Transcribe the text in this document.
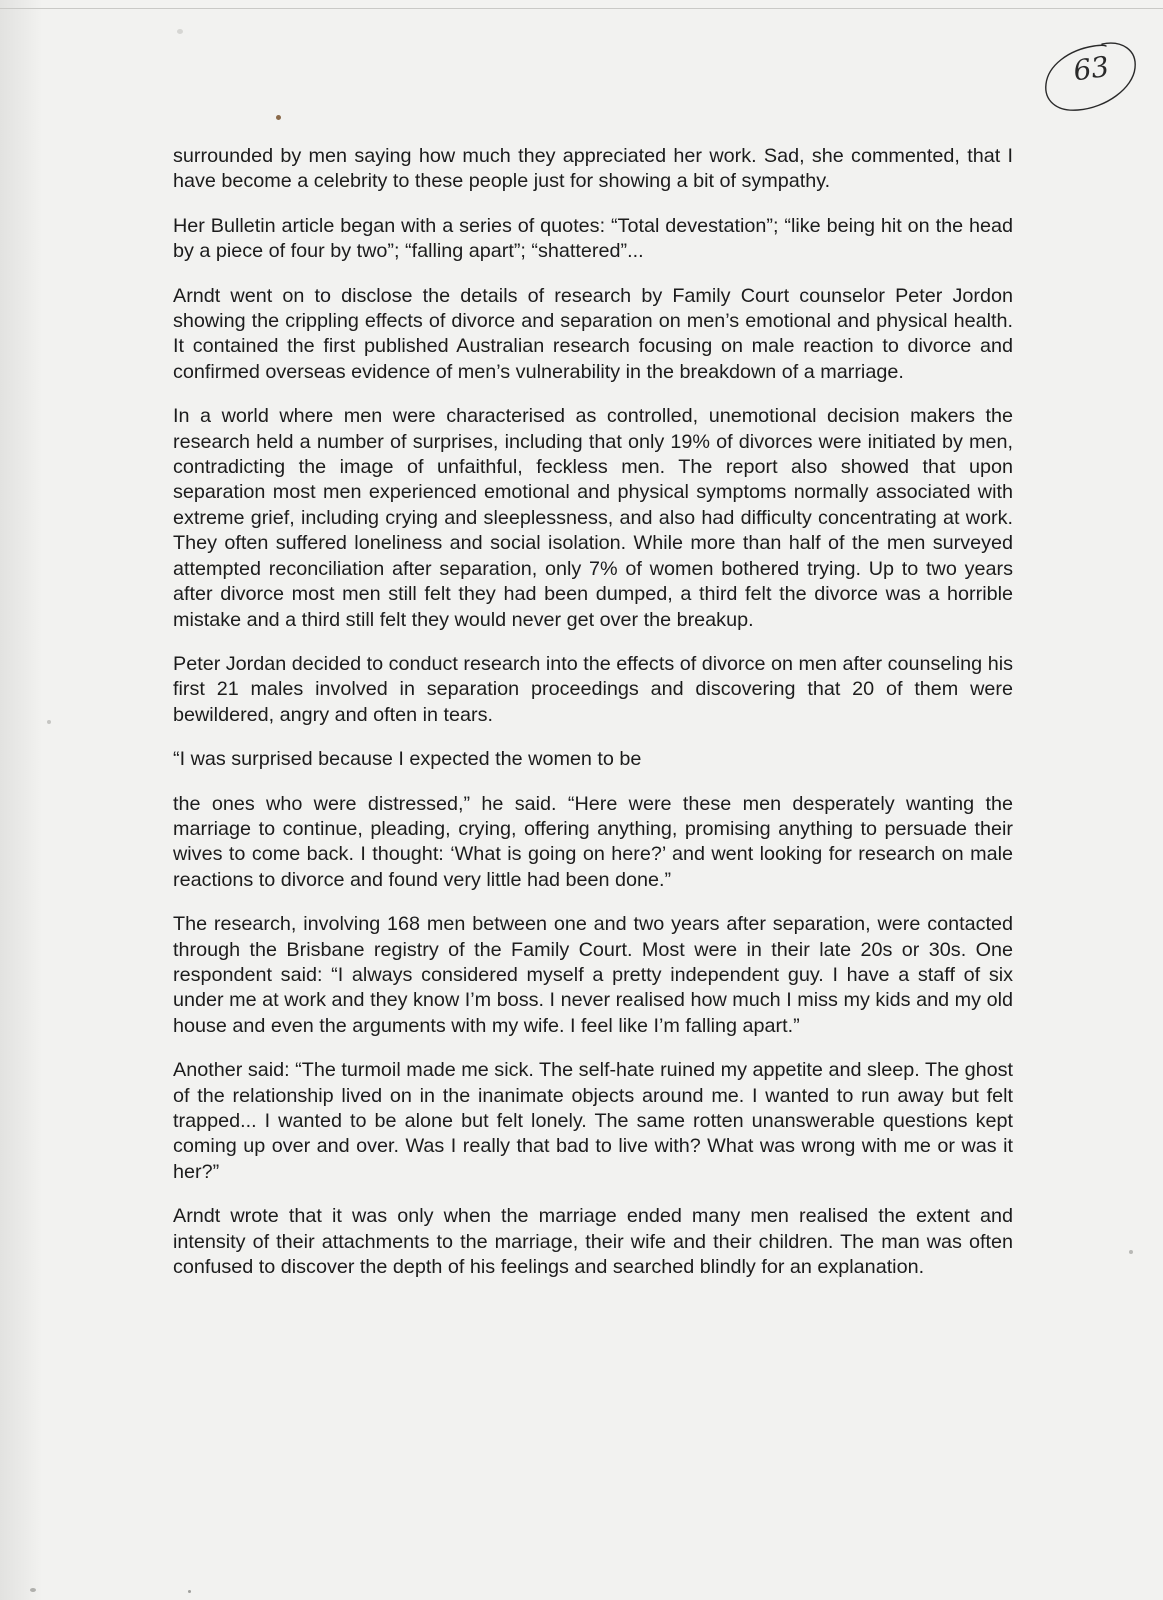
63

surrounded by men saying how much they appreciated her work. Sad, she commented, that I have become a celebrity to these people just for showing a bit of sympathy.

Her Bulletin article began with a series of quotes: “Total devestation”; “like being hit on the head by a piece of four by two”; “falling apart”; “shattered”...

Arndt went on to disclose the details of research by Family Court counselor Peter Jordon showing the crippling effects of divorce and separation on men’s emotional and physical health. It contained the first published Australian research focusing on male reaction to divorce and confirmed overseas evidence of men’s vulnerability in the breakdown of a marriage.

In a world where men were characterised as controlled, unemotional decision makers the research held a number of surprises, including that only 19% of divorces were initiated by men, contradicting the image of unfaithful, feckless men. The report also showed that upon separation most men experienced emotional and physical symptoms normally associated with extreme grief, including crying and sleeplessness, and also had difficulty concentrating at work. They often suffered loneliness and social isolation. While more than half of the men surveyed attempted reconciliation after separation, only 7% of women bothered trying. Up to two years after divorce most men still felt they had been dumped, a third felt the divorce was a horrible mistake and a third still felt they would never get over the breakup.

Peter Jordan decided to conduct research into the effects of divorce on men after counseling his first 21 males involved in separation proceedings and discovering that 20 of them were bewildered, angry and often in tears.

“I was surprised because I expected the women to be

the ones who were distressed,” he said. “Here were these men desperately wanting the marriage to continue, pleading, crying, offering anything, promising anything to persuade their wives to come back. I thought: ‘What is going on here?’ and went looking for research on male reactions to divorce and found very little had been done.”

The research, involving 168 men between one and two years after separation, were contacted through the Brisbane registry of the Family Court. Most were in their late 20s or 30s. One respondent said: “I always considered myself a pretty independent guy. I have a staff of six under me at work and they know I’m boss. I never realised how much I miss my kids and my old house and even the arguments with my wife. I feel like I’m falling apart.”

Another said: “The turmoil made me sick. The self-hate ruined my appetite and sleep. The ghost of the relationship lived on in the inanimate objects around me. I wanted to run away but felt trapped... I wanted to be alone but felt lonely. The same rotten unanswerable questions kept coming up over and over. Was I really that bad to live with? What was wrong with me or was it her?”

Arndt wrote that it was only when the marriage ended many men realised the extent and intensity of their attachments to the marriage, their wife and their children. The man was often confused to discover the depth of his feelings and searched blindly for an explanation.
